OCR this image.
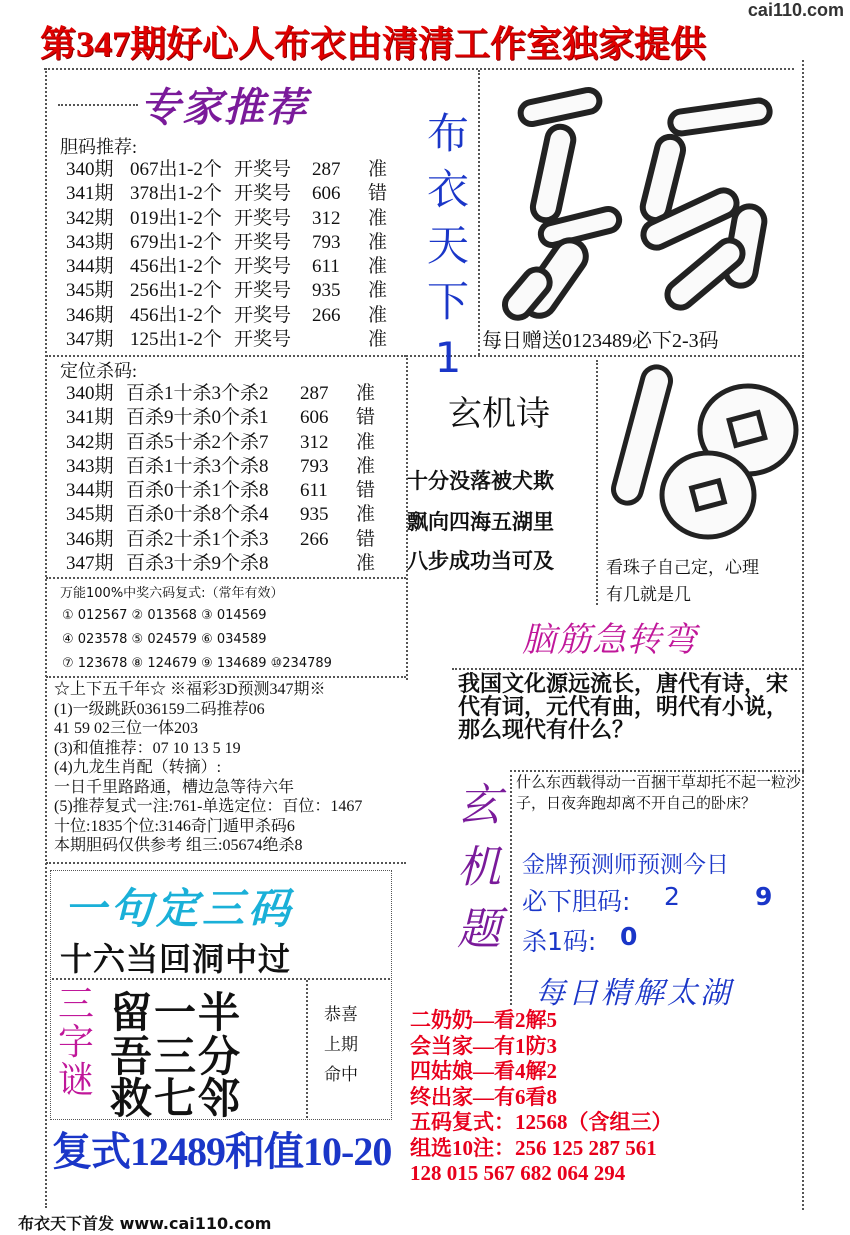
cai110.com
第347期好心人布衣由清清工作室独家提供
专家推荐
胆码推荐:
340期 067出1-2个 开奖号	287	准
341期 378出1-2个 开奖号	606	错
342期 019出1-2个 开奖号	312	准
343期 679出1-2个 开奖号	793	准
344期 456出1-2个 开奖号	611	准
345期 256出1-2个 开奖号	935	准
346期 456出1-2个 开奖号	266	准
347期 125出1-2个 开奖号	准
定位杀码:
340期 百杀1十杀3个杀2	287	准
341期 百杀9十杀0个杀1	606	错
342期 百杀5十杀2个杀7	312	准
343期 百杀1十杀3个杀8	793	准
344期 百杀0十杀1个杀8	611	错
345期 百杀0十杀8个杀4	935	准
346期 百杀2十杀1个杀3	266	错
347期 百杀3十杀9个杀8	准
万能100%中奖六码复式:（常年有效）
① 012567 ② 013568 ③ 014569
④ 023578 ⑤ 024579 ⑥ 034589
⑦ 123678 ⑧ 124679 ⑨ 134689 ⑩234789
布衣天下1	每日赠送0123489必下2-3码
玄机诗
十分没落被犬欺
飘向四海五湖里
八步成功当可及	看珠子自己定，心理
有几就是几
脑筋急转弯
我国文化源远流长，唐代有诗，宋代有词，元代有曲，明代有小说，那么现代有什么？
☆上下五千年☆ ※福彩3D预测347期※
(1)一级跳跃036159二码推荐06
41 59 02三位一体203
(3)和值推荐：07 10 13 5 19
(4)九龙生肖配（转摘）:
一日千里路路通，槽边急等待六年
(5)推荐复式一注:761-单选定位：百位：1467
十位:1835个位:3146奇门遁甲杀码6
本期胆码仅供参考 组三:05674绝杀8
玄机题
什么东西载得动一百捆干草却托不起一粒沙子，日夜奔跑却离不开自己的卧床？
金牌预测师预测今日
必下胆码: 2	9
杀1码: 0
一句定三码
十六当回洞中过
三字谜
留一半
吾三分
救七邻
恭喜
上期
命中
复式12489和值10-20
每日精解太湖
二奶奶—看2解5
会当家—有1防3
四姑娘—看4解2
终出家—有6看8
五码复式：12568（含组三）
组选10注：256 125 287 561
128 015 567 682 064 294
布衣天下首发 www.cai110.com
